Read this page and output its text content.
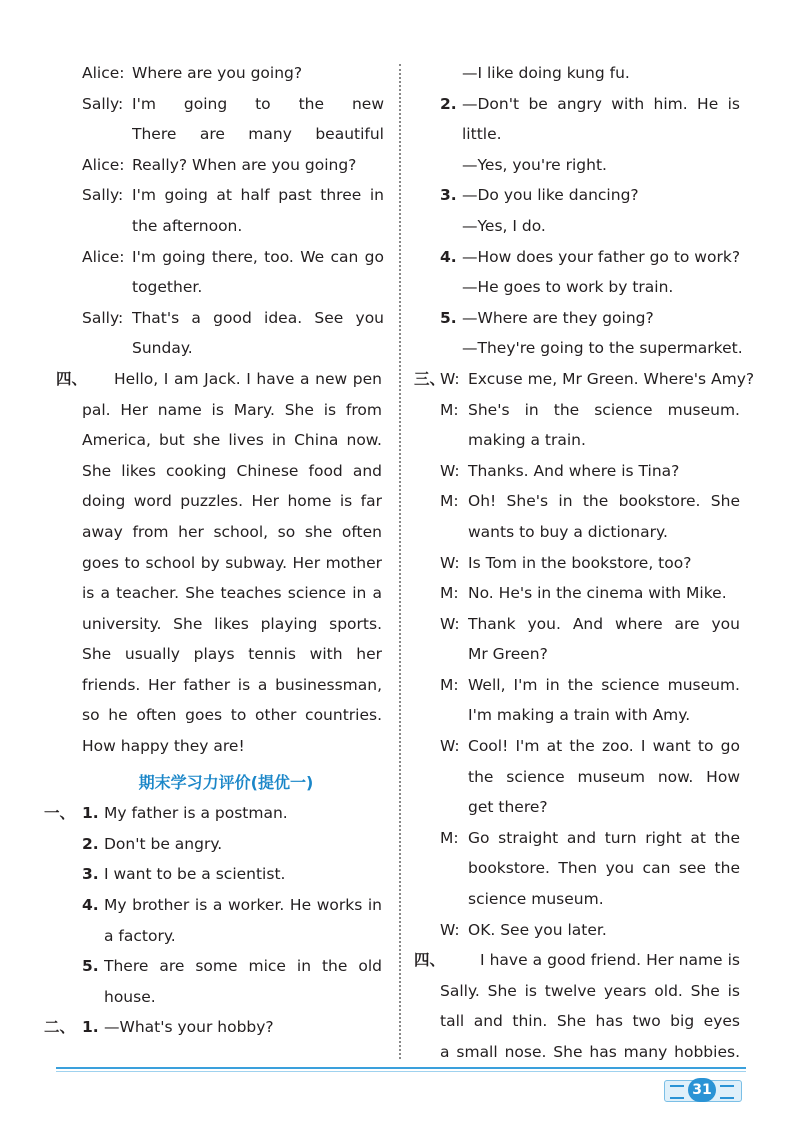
Alice: Where are you going?
Sally: I'm going to the new
There are many beautiful
Alice: Really? When are you going?
Sally: I'm going at half past three in
the afternoon.
Alice: I'm going there, too. We can go
together.
Sally: That's a good idea. See you
Sunday.
四、 Hello, I am Jack. I have a new pen
pal. Her name is Mary. She is from
America, but she lives in China now.
She likes cooking Chinese food and
doing word puzzles. Her home is far
away from her school, so she often
goes to school by subway. Her mother
is a teacher. She teaches science in a
university. She likes playing sports.
She usually plays tennis with her
friends. Her father is a businessman,
so he often goes to other countries.
How happy they are!
期末学习力评价(提优一)
一、 1. My father is a postman.
2. Don't be angry.
3. I want to be a scientist.
4. My brother is a worker. He works in
a factory.
5. There are some mice in the old
house.
二、 1. —What's your hobby?
—I like doing kung fu.
2. —Don't be angry with him. He is
little.
—Yes, you're right.
3. —Do you like dancing?
—Yes, I do.
4. —How does your father go to work?
—He goes to work by train.
5. —Where are they going?
—They're going to the supermarket.
三、
W: Excuse me, Mr Green. Where's Amy?
M: She's in the science museum.
making a train.
W: Thanks. And where is Tina?
M: Oh! She's in the bookstore. She
wants to buy a dictionary.
W: Is Tom in the bookstore, too?
M: No. He's in the cinema with Mike.
W: Thank you. And where are you
Mr Green?
M: Well, I'm in the science museum.
I'm making a train with Amy.
W: Cool! I'm at the zoo. I want to go
the science museum now. How
get there?
M: Go straight and turn right at the
bookstore. Then you can see the
science museum.
W: OK. See you later.
四、 I have a good friend. Her name is
Sally. She is twelve years old. She is
tall and thin. She has two big eyes
a small nose. She has many hobbies.
31
